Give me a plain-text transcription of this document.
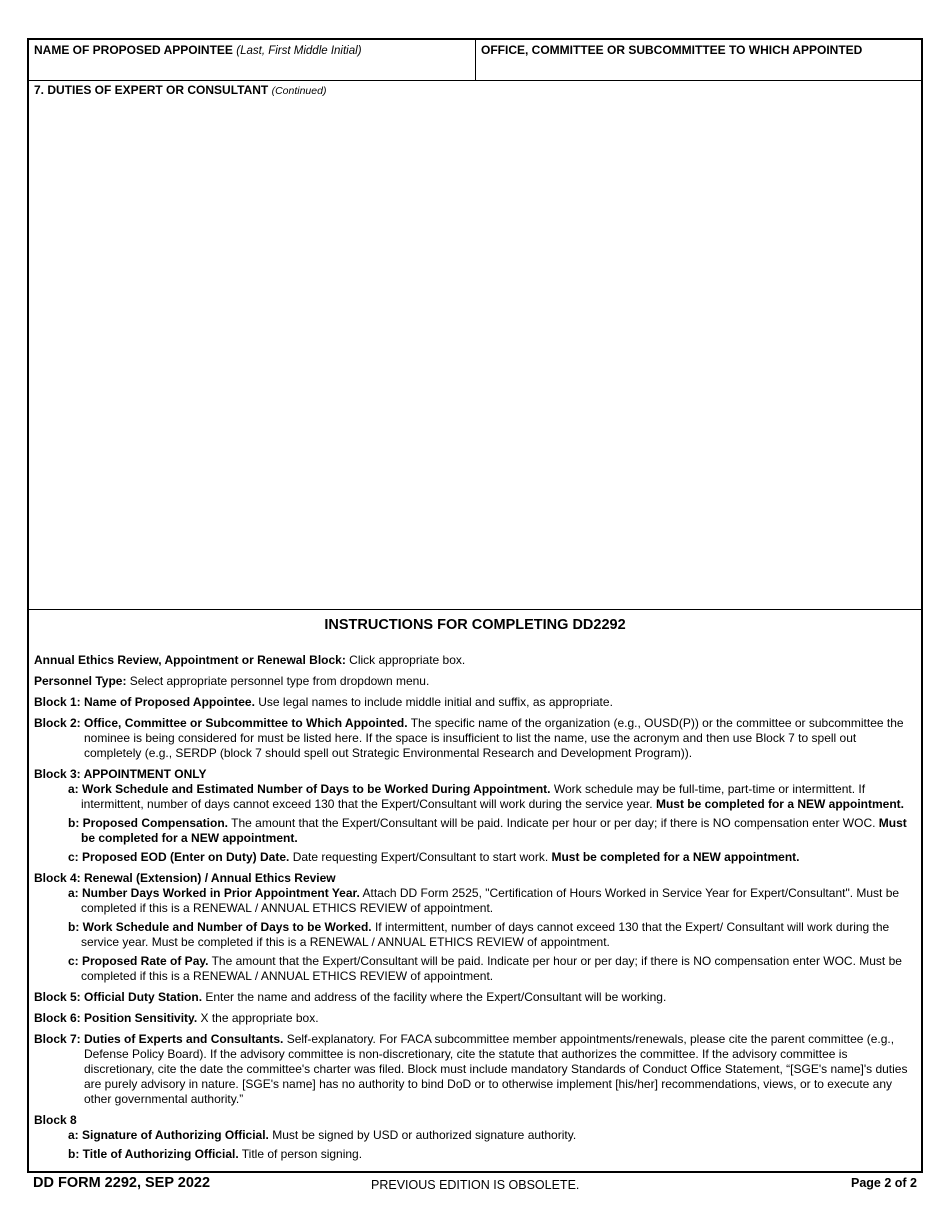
NAME OF PROPOSED APPOINTEE (Last, First Middle Initial)	OFFICE, COMMITTEE OR SUBCOMMITTEE TO WHICH APPOINTED
7. DUTIES OF EXPERT OR CONSULTANT (Continued)
INSTRUCTIONS FOR COMPLETING DD2292

Annual Ethics Review, Appointment or Renewal Block: Click appropriate box.

Personnel Type: Select appropriate personnel type from dropdown menu.

Block 1: Name of Proposed Appointee. Use legal names to include middle initial and suffix, as appropriate.

Block 2: Office, Committee or Subcommittee to Which Appointed. The specific name of the organization (e.g., OUSD(P)) or the committee or subcommittee the nominee is being considered for must be listed here. If the space is insufficient to list the name, use the acronym and then use Block 7 to spell out completely (e.g., SERDP (block 7 should spell out Strategic Environmental Research and Development Program)).

Block 3: APPOINTMENT ONLY

a: Work Schedule and Estimated Number of Days to be Worked During Appointment. Work schedule may be full-time, part-time or intermittent. If intermittent, number of days cannot exceed 130 that the Expert/Consultant will work during the service year. Must be completed for a NEW appointment.

b: Proposed Compensation. The amount that the Expert/Consultant will be paid. Indicate per hour or per day; if there is NO compensation enter WOC. Must be completed for a NEW appointment.

c: Proposed EOD (Enter on Duty) Date. Date requesting Expert/Consultant to start work. Must be completed for a NEW appointment.

Block 4: Renewal (Extension) / Annual Ethics Review

a: Number Days Worked in Prior Appointment Year. Attach DD Form 2525, "Certification of Hours Worked in Service Year for Expert/Consultant". Must be completed if this is a RENEWAL / ANNUAL ETHICS REVIEW of appointment.

b: Work Schedule and Number of Days to be Worked. If intermittent, number of days cannot exceed 130 that the Expert/ Consultant will work during the service year. Must be completed if this is a RENEWAL / ANNUAL ETHICS REVIEW of appointment.

c: Proposed Rate of Pay. The amount that the Expert/Consultant will be paid. Indicate per hour or per day; if there is NO compensation enter WOC. Must be completed if this is a RENEWAL / ANNUAL ETHICS REVIEW of appointment.

Block 5: Official Duty Station. Enter the name and address of the facility where the Expert/Consultant will be working.

Block 6: Position Sensitivity. X the appropriate box.

Block 7: Duties of Experts and Consultants. Self-explanatory. For FACA subcommittee member appointments/renewals, please cite the parent committee (e.g., Defense Policy Board). If the advisory committee is non-discretionary, cite the statute that authorizes the committee. If the advisory committee is discretionary, cite the date the committee's charter was filed. Block must include mandatory Standards of Conduct Office Statement, “[SGE's name]'s duties are purely advisory in nature. [SGE's name] has no authority to bind DoD or to otherwise implement [his/her] recommendations, views, or to execute any other governmental authority.”

Block 8

a: Signature of Authorizing Official. Must be signed by USD or authorized signature authority.

b: Title of Authorizing Official. Title of person signing.

DD FORM 2292, SEP 2022	PREVIOUS EDITION IS OBSOLETE.	Page 2 of 2
